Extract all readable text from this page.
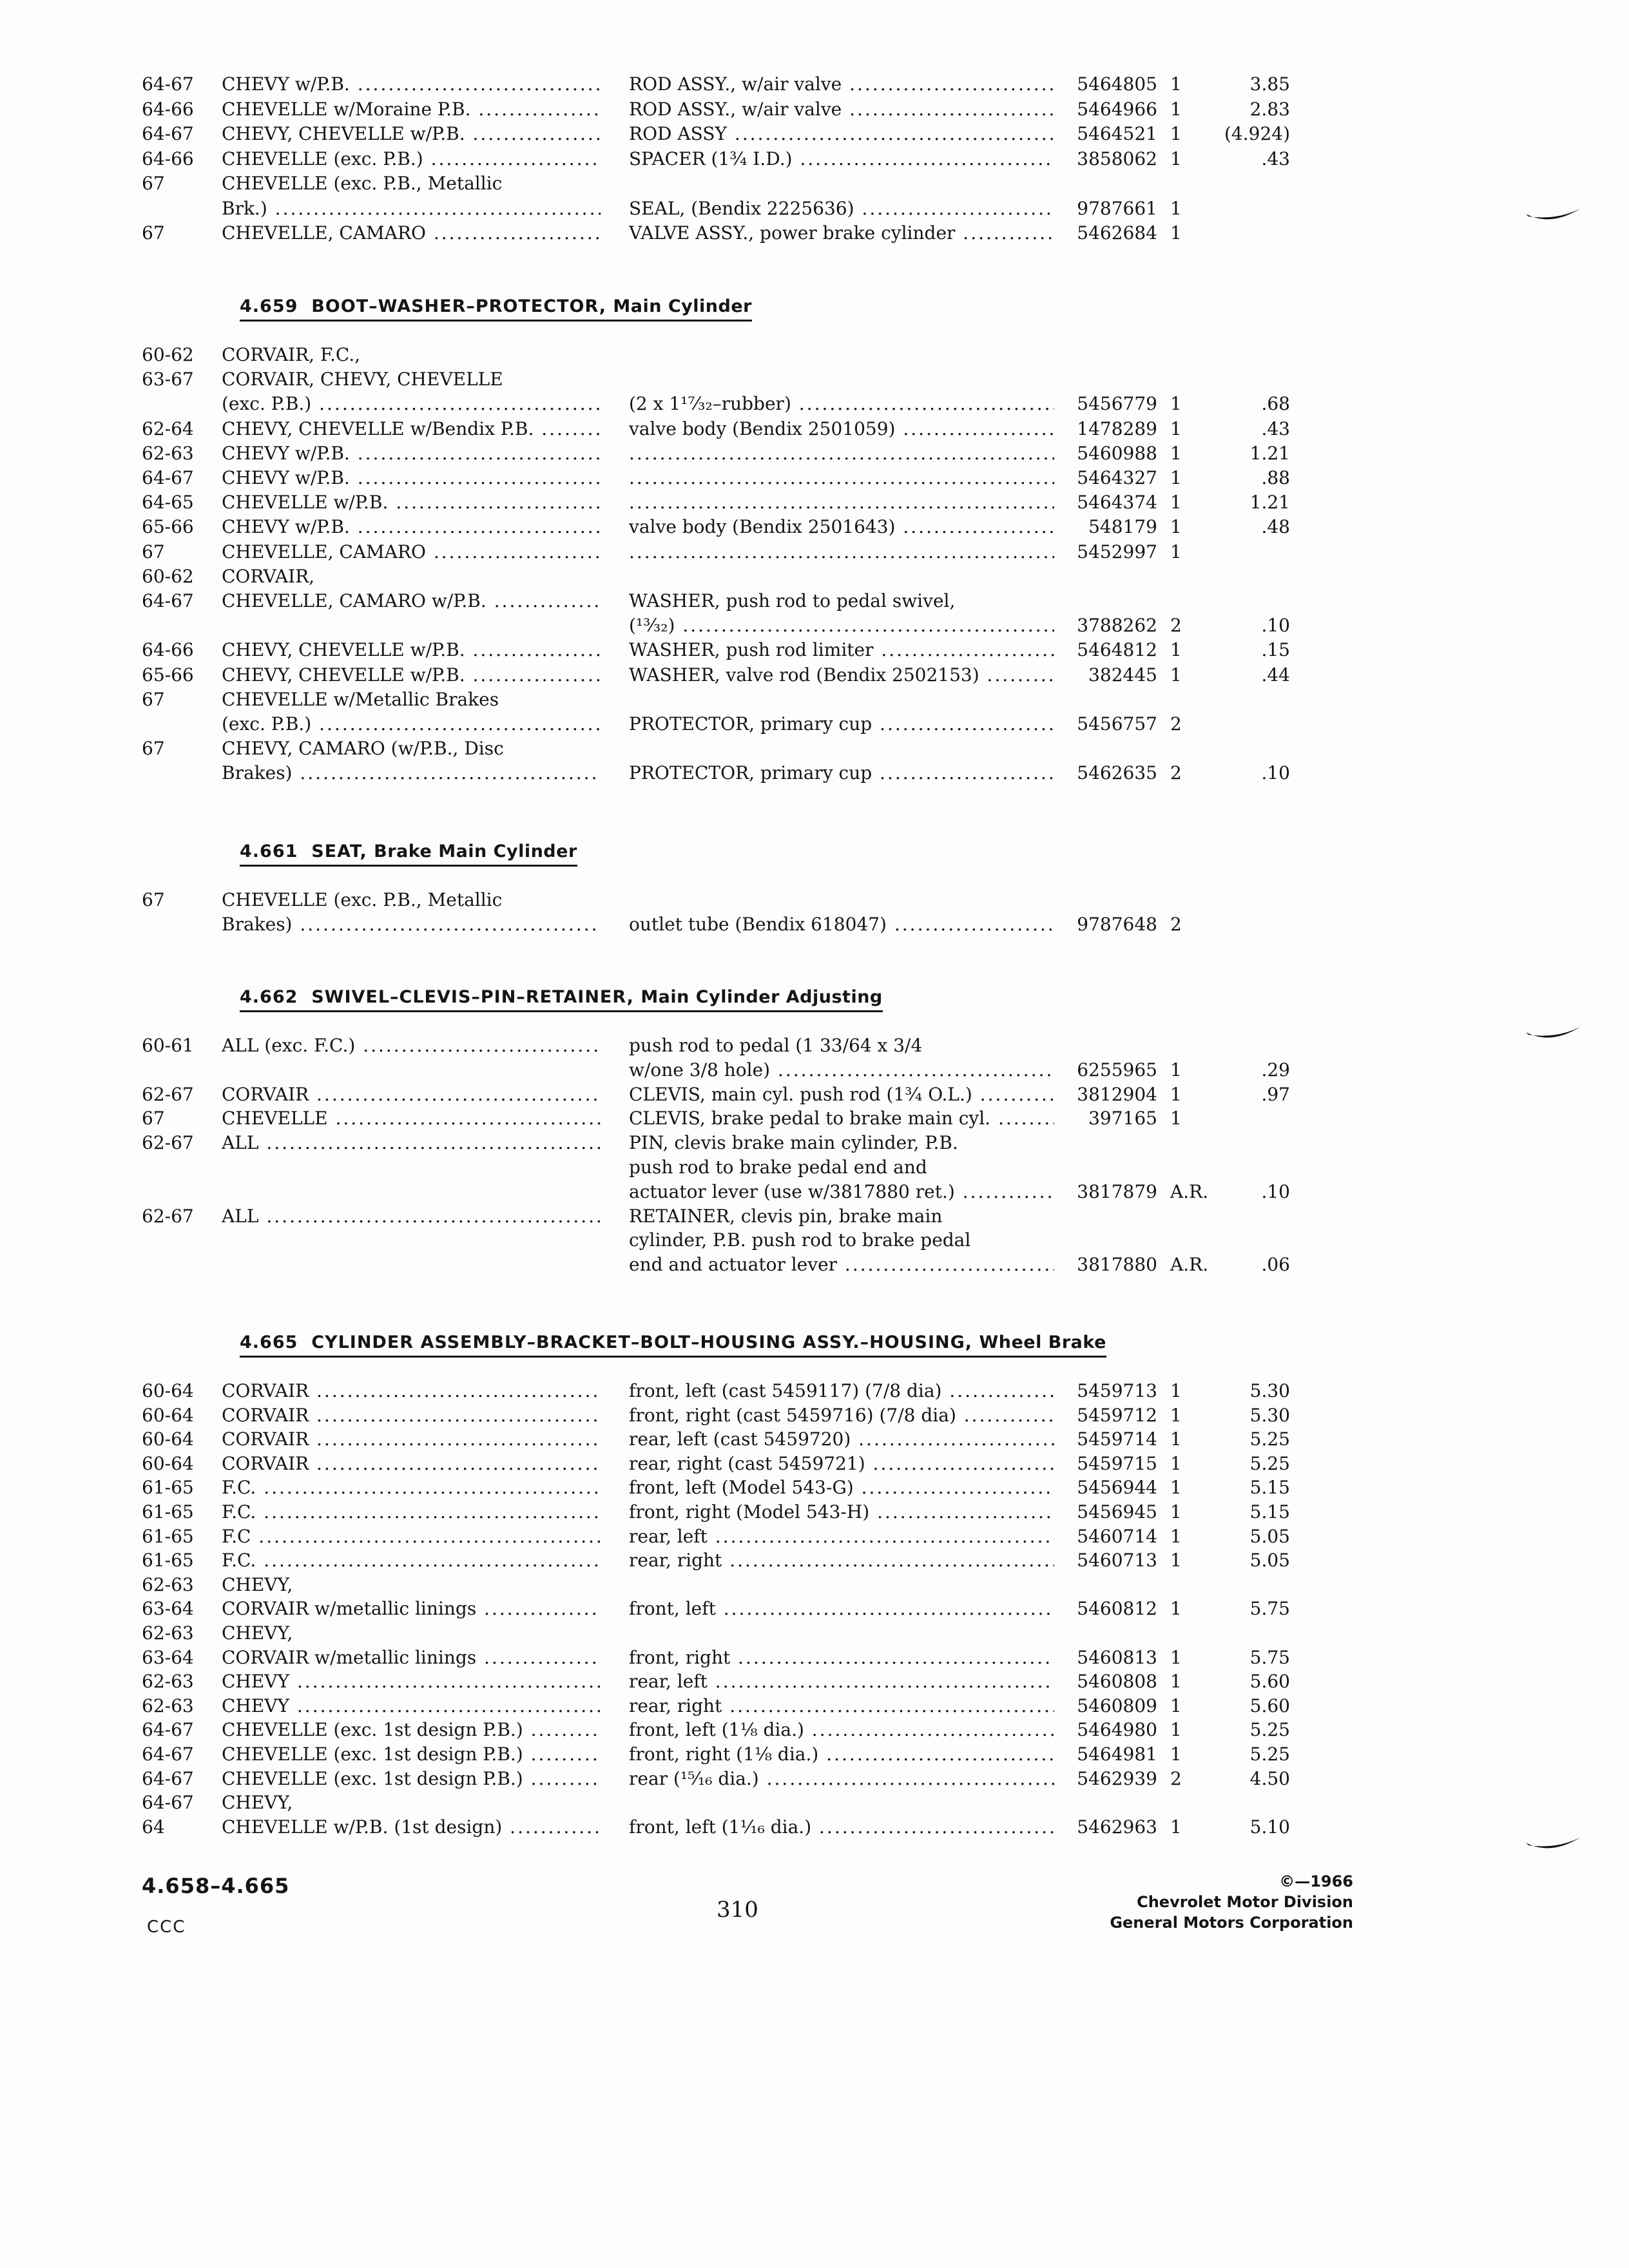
64-67 CHEVY w/P.B. .....	ROD ASSY., w/air valve .....	5464805 1	3.85
64-66 CHEVELLE w/Moraine P.B. .....	ROD ASSY., w/air valve .....	5464966 1	2.83
64-67 CHEVY, CHEVELLE w/P.B. .....	ROD ASSY .....	5464521 1	(4.924)
64-66 CHEVELLE (exc. P.B.) .....	SPACER (1¾ I.D.) .....	3858062 1	.43
67	CHEVELLE (exc. P.B., Metallic
Brk.) .....	SEAL, (Bendix 2225636) .....	9787661 1
67	CHEVELLE, CAMARO .....	VALVE ASSY., power brake cylinder .....	5462684 1
4.659 BOOT–WASHER–PROTECTOR, Main Cylinder
60-62 CORVAIR, F.C.,
63-67 CORVAIR, CHEVY, CHEVELLE
(exc. P.B.) .....	(2 x 1¹⁷⁄₃₂–rubber) .....	5456779 1	.68
62-64 CHEVY, CHEVELLE w/Bendix P.B. .....	valve body (Bendix 2501059) .....	1478289 1	.43
62-63 CHEVY w/P.B. ..... .....	5460988 1	1.21
64-67 CHEVY w/P.B. ..... .....	5464327 1	.88
64-65 CHEVELLE w/P.B. ..... .....	5464374 1	1.21
65-66 CHEVY w/P.B. .....	valve body (Bendix 2501643) .....	548179 1	.48
67	CHEVELLE, CAMARO ..... .....	5452997 1
60-62 CORVAIR,
64-67 CHEVELLE, CAMARO w/P.B. .....	WASHER, push rod to pedal swivel,
(¹³⁄₃₂) .....	3788262 2	.10
64-66 CHEVY, CHEVELLE w/P.B. .....	WASHER, push rod limiter .....	5464812 1	.15
65-66 CHEVY, CHEVELLE w/P.B. .....	WASHER, valve rod (Bendix 2502153) .....	382445 1	.44
67	CHEVELLE w/Metallic Brakes
(exc. P.B.) .....	PROTECTOR, primary cup .....	5456757 2
67	CHEVY, CAMARO (w/P.B., Disc
Brakes) .....	PROTECTOR, primary cup .....	5462635 2	.10
4.661 SEAT, Brake Main Cylinder
67	CHEVELLE (exc. P.B., Metallic
Brakes) .....	outlet tube (Bendix 618047) .....	9787648 2
4.662 SWIVEL–CLEVIS–PIN–RETAINER, Main Cylinder Adjusting
60-61 ALL (exc. F.C.) .....	push rod to pedal (1 33/64 x 3/4
w/one 3/8 hole) .....	6255965 1	.29
62-67 CORVAIR .....	CLEVIS, main cyl. push rod (1¾ O.L.) .....	3812904 1	.97
67	CHEVELLE .....	CLEVIS, brake pedal to brake main cyl. .....	397165 1
62-67 ALL .....	PIN, clevis brake main cylinder, P.B.
push rod to brake pedal end and
actuator lever (use w/3817880 ret.) .....	3817879 A.R.	.10
62-67 ALL .....	RETAINER, clevis pin, brake main
cylinder, P.B. push rod to brake pedal
end and actuator lever .....	3817880 A.R.	.06
4.665 CYLINDER ASSEMBLY–BRACKET–BOLT–HOUSING ASSY.–HOUSING, Wheel Brake
60-64 CORVAIR .....	front, left (cast 5459117) (7/8 dia) .....	5459713 1	5.30
60-64 CORVAIR .....	front, right (cast 5459716) (7/8 dia) .....	5459712 1	5.30
60-64 CORVAIR .....	rear, left (cast 5459720) .....	5459714 1	5.25
60-64 CORVAIR .....	rear, right (cast 5459721) .....	5459715 1	5.25
61-65 F.C. .....	front, left (Model 543-G) .....	5456944 1	5.15
61-65 F.C. .....	front, right (Model 543-H) .....	5456945 1	5.15
61-65 F.C .....	rear, left .....	5460714 1	5.05
61-65 F.C. .....	rear, right .....	5460713 1	5.05
62-63 CHEVY,
63-64 CORVAIR w/metallic linings .....	front, left .....	5460812 1	5.75
62-63 CHEVY,
63-64 CORVAIR w/metallic linings .....	front, right .....	5460813 1	5.75
62-63 CHEVY .....	rear, left .....	5460808 1	5.60
62-63 CHEVY .....	rear, right .....	5460809 1	5.60
64-67 CHEVELLE (exc. 1st design P.B.) .....	front, left (1⅛ dia.) .....	5464980 1	5.25
64-67 CHEVELLE (exc. 1st design P.B.) .....	front, right (1⅛ dia.) .....	5464981 1	5.25
64-67 CHEVELLE (exc. 1st design P.B.) .....	rear (¹⁵⁄₁₆ dia.) .....	5462939 2	4.50
64-67 CHEVY,
64	CHEVELLE w/P.B. (1st design) .....	front, left (1¹⁄₁₆ dia.) .....	5462963 1	5.10
4.658–4.665
CCC
310
©—1966
Chevrolet Motor Division
General Motors Corporation
